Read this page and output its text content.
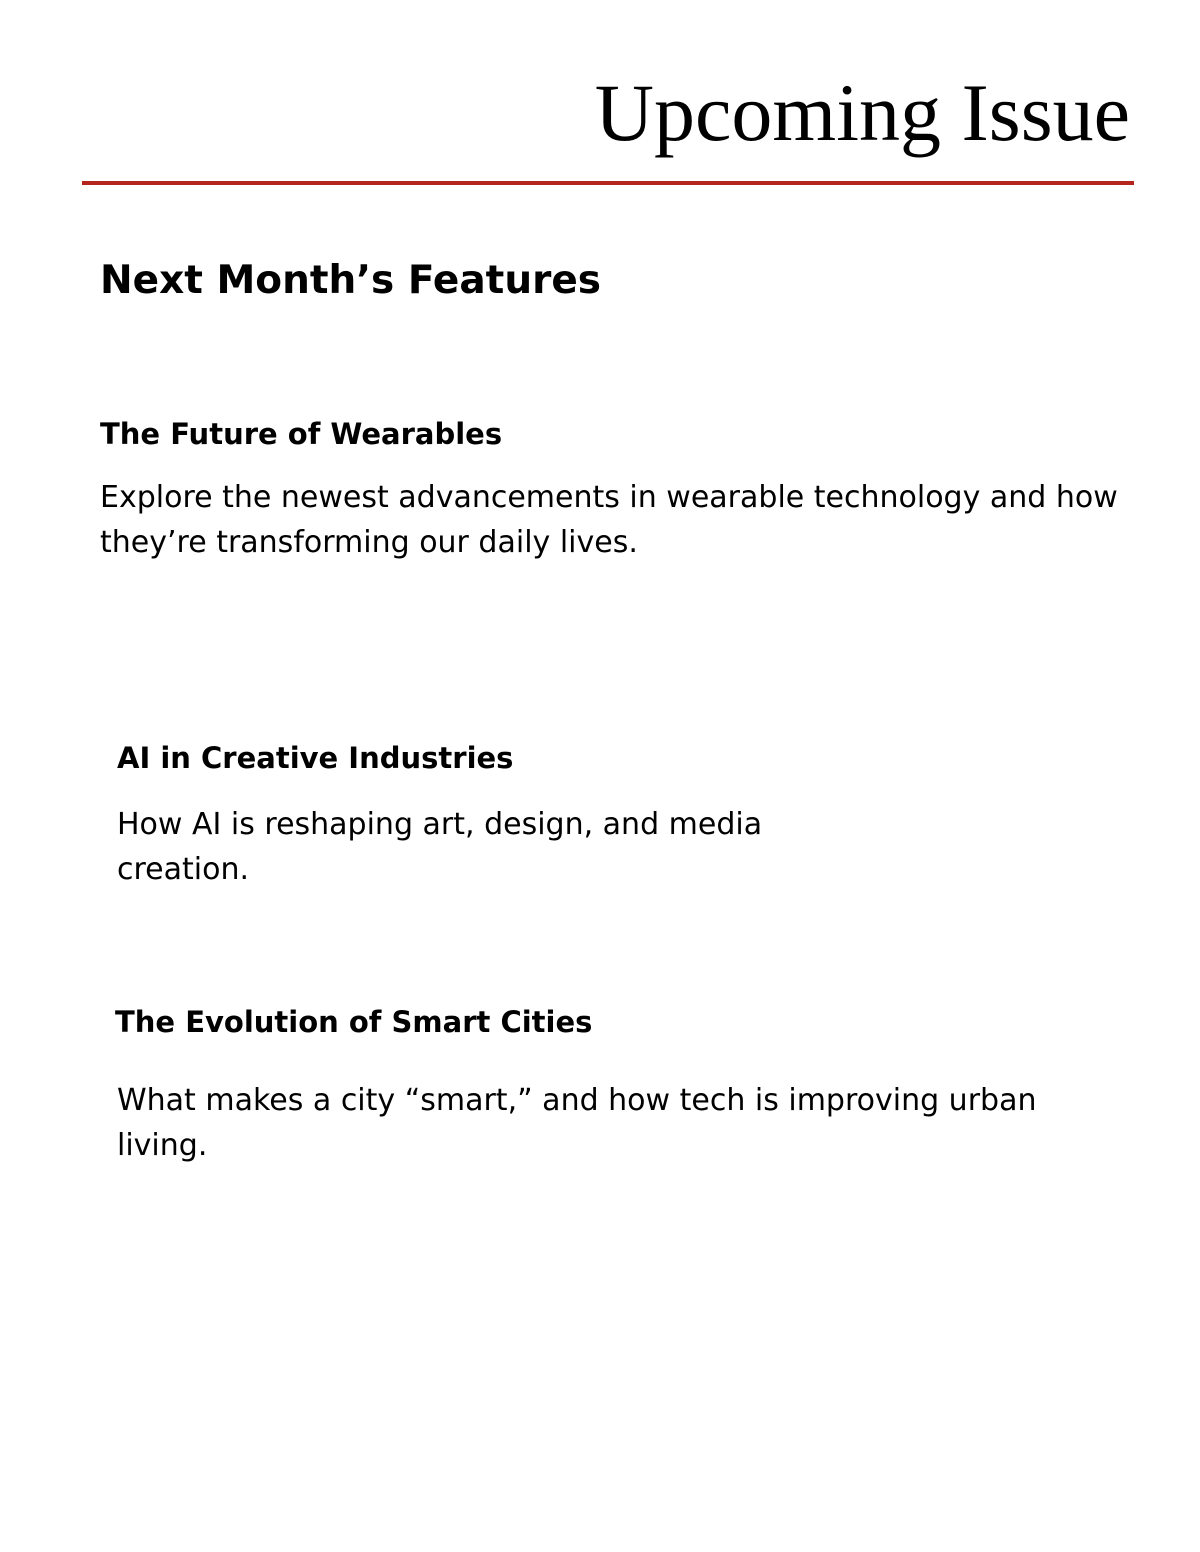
Upcoming Issue
Next Month’s Features
The Future of Wearables

Explore the newest advancements in wearable technology and how they’re transforming our daily lives.

AI in Creative Industries

How AI is reshaping art, design, and media creation.

The Evolution of Smart Cities

What makes a city “smart,” and how tech is improving urban living.
